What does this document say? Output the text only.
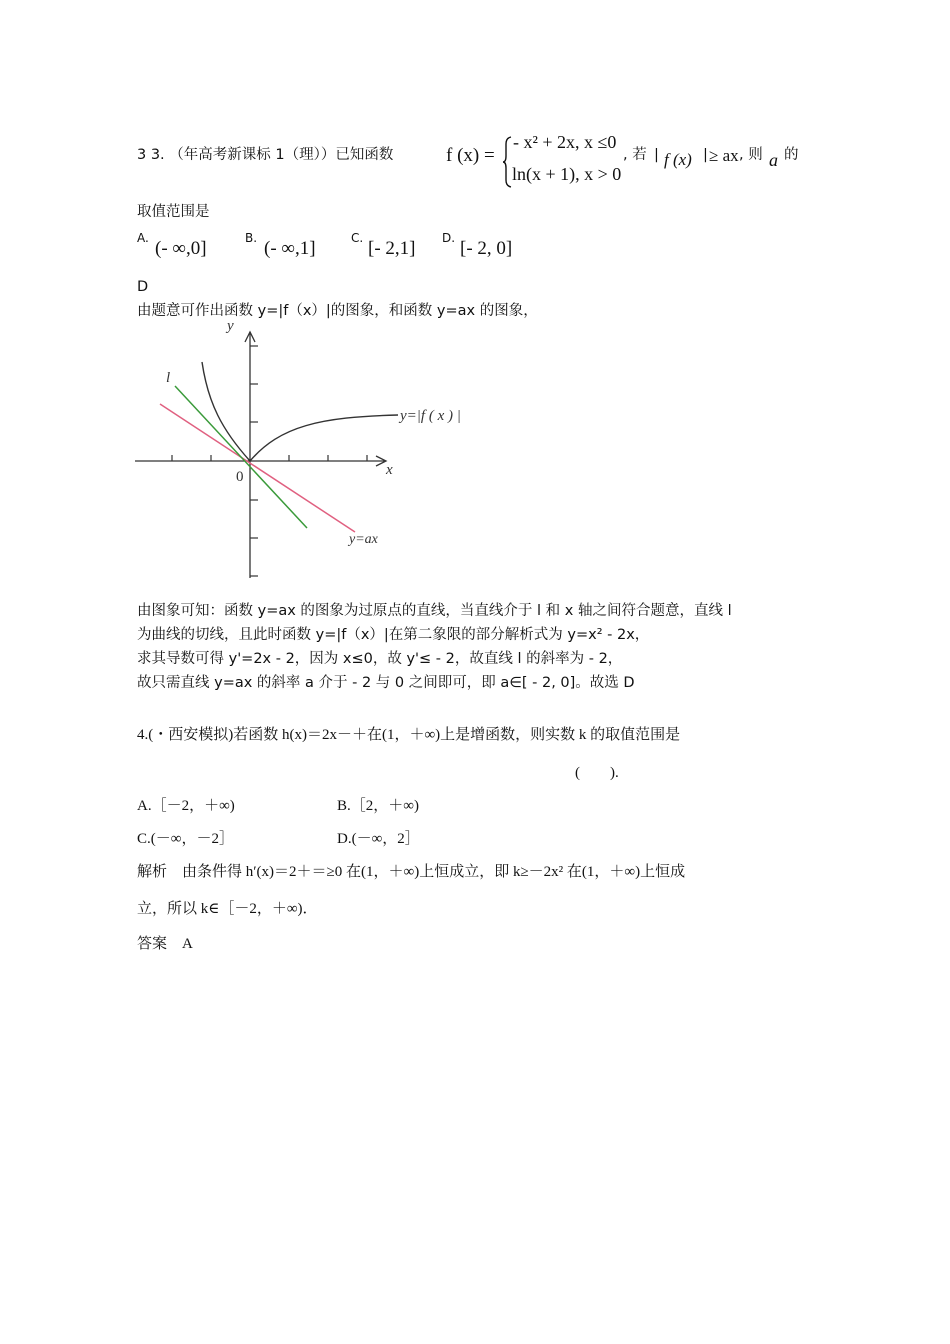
3 3. （年高考新课标 1（理））已知函数	f (x) =
- x² + 2x, x ≤0
ln(x + 1), x > 0
, 若 | f (x) | ≥ ax , 则 a 的
取值范围是
A. (- ∞,0]	B. (- ∞,1]	C. [- 2,1] D. [- 2, 0]
D
由题意可作出函数 y=|f（x）|的图象，和函数 y=ax 的图象，
y
x
0
l
y=|f ( x ) |
y=ax
由图象可知：函数 y=ax 的图象为过原点的直线，当直线介于 l 和 x 轴之间符合题意，直线 l
为曲线的切线，且此时函数 y=|f（x）|在第二象限的部分解析式为 y=x² - 2x，
求其导数可得 y'=2x - 2，因为 x≤0，故 y'≤ - 2，故直线 l 的斜率为 - 2，
故只需直线 y=ax 的斜率 a 介于 - 2 与 0 之间即可，即 a∈[ - 2, 0]。故选 D
4.(・西安模拟)若函数 h(x)＝2x－＋在(1，＋∞)上是增函数，则实数 k 的取值范围是
(　　).
A.［－2，＋∞)	B.［2，＋∞)
C.(－∞，－2］	D.(－∞，2］
解析　由条件得 h′(x)＝2＋＝≥0 在(1，＋∞)上恒成立，即 k≥－2x² 在(1，＋∞)上恒成
立，所以 k∈［－2，＋∞)．
答案　A
